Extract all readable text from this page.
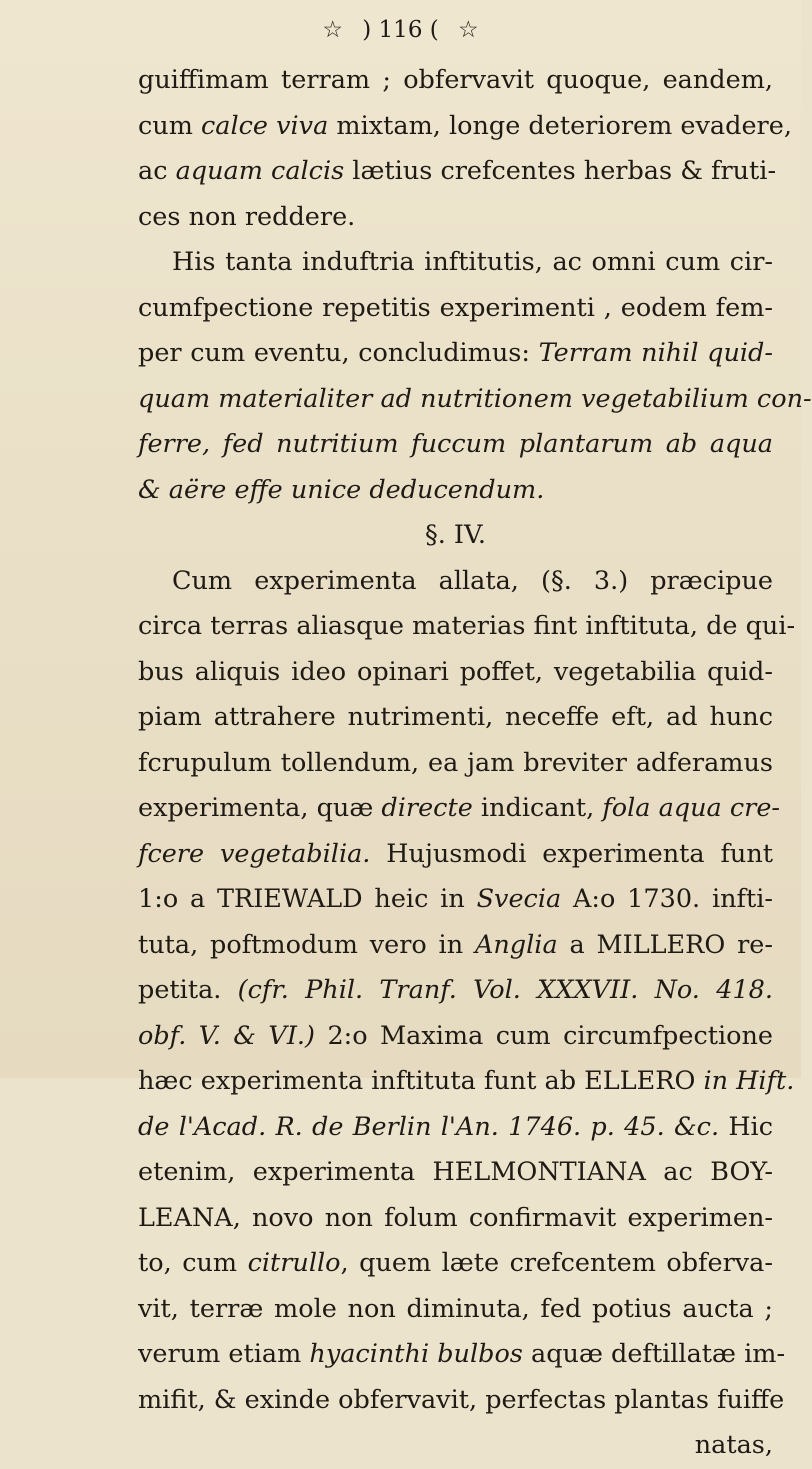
☆ ) 116 ( ☆
guiffimam terram ; obfervavit quoque, eandem,
cum calce viva mixtam, longe deteriorem evadere,
ac aquam calcis lætius crefcentes herbas & fruti-
ces non reddere.
His tanta induftria inftitutis, ac omni cum cir-
cumfpectione repetitis experimenti , eodem fem-
per cum eventu, concludimus: Terram nihil quid-
quam materialiter ad nutritionem vegetabilium con-
ferre, fed nutritium fuccum plantarum ab aqua
& aëre effe unice deducendum.
§. IV.
Cum experimenta allata, (§. 3.) præcipue
circa terras aliasque materias fint inftituta, de qui-
bus aliquis ideo opinari poffet, vegetabilia quid-
piam attrahere nutrimenti, neceffe eft, ad hunc
fcrupulum tollendum, ea jam breviter adferamus
experimenta, quæ directe indicant, fola aqua cre-
fcere vegetabilia. Hujusmodi experimenta funt
1:o a TRIEWALD heic in Svecia A:o 1730. infti-
tuta, poftmodum vero in Anglia a MILLERO re-
petita. (cfr. Phil. Tranf. Vol. XXXVII. No. 418.
obf. V. & VI.) 2:o Maxima cum circumfpectione
hæc experimenta inftituta funt ab ELLERO in Hift.
de l'Acad. R. de Berlin l'An. 1746. p. 45. &c. Hic
etenim, experimenta HELMONTIANA ac BOY-
LEANA, novo non folum confirmavit experimen-
to, cum citrullo, quem læte crefcentem obferva-
vit, terræ mole non diminuta, fed potius aucta ;
verum etiam hyacinthi bulbos aquæ deftillatæ im-
mifit, & exinde obfervavit, perfectas plantas fuiffe
natas,
